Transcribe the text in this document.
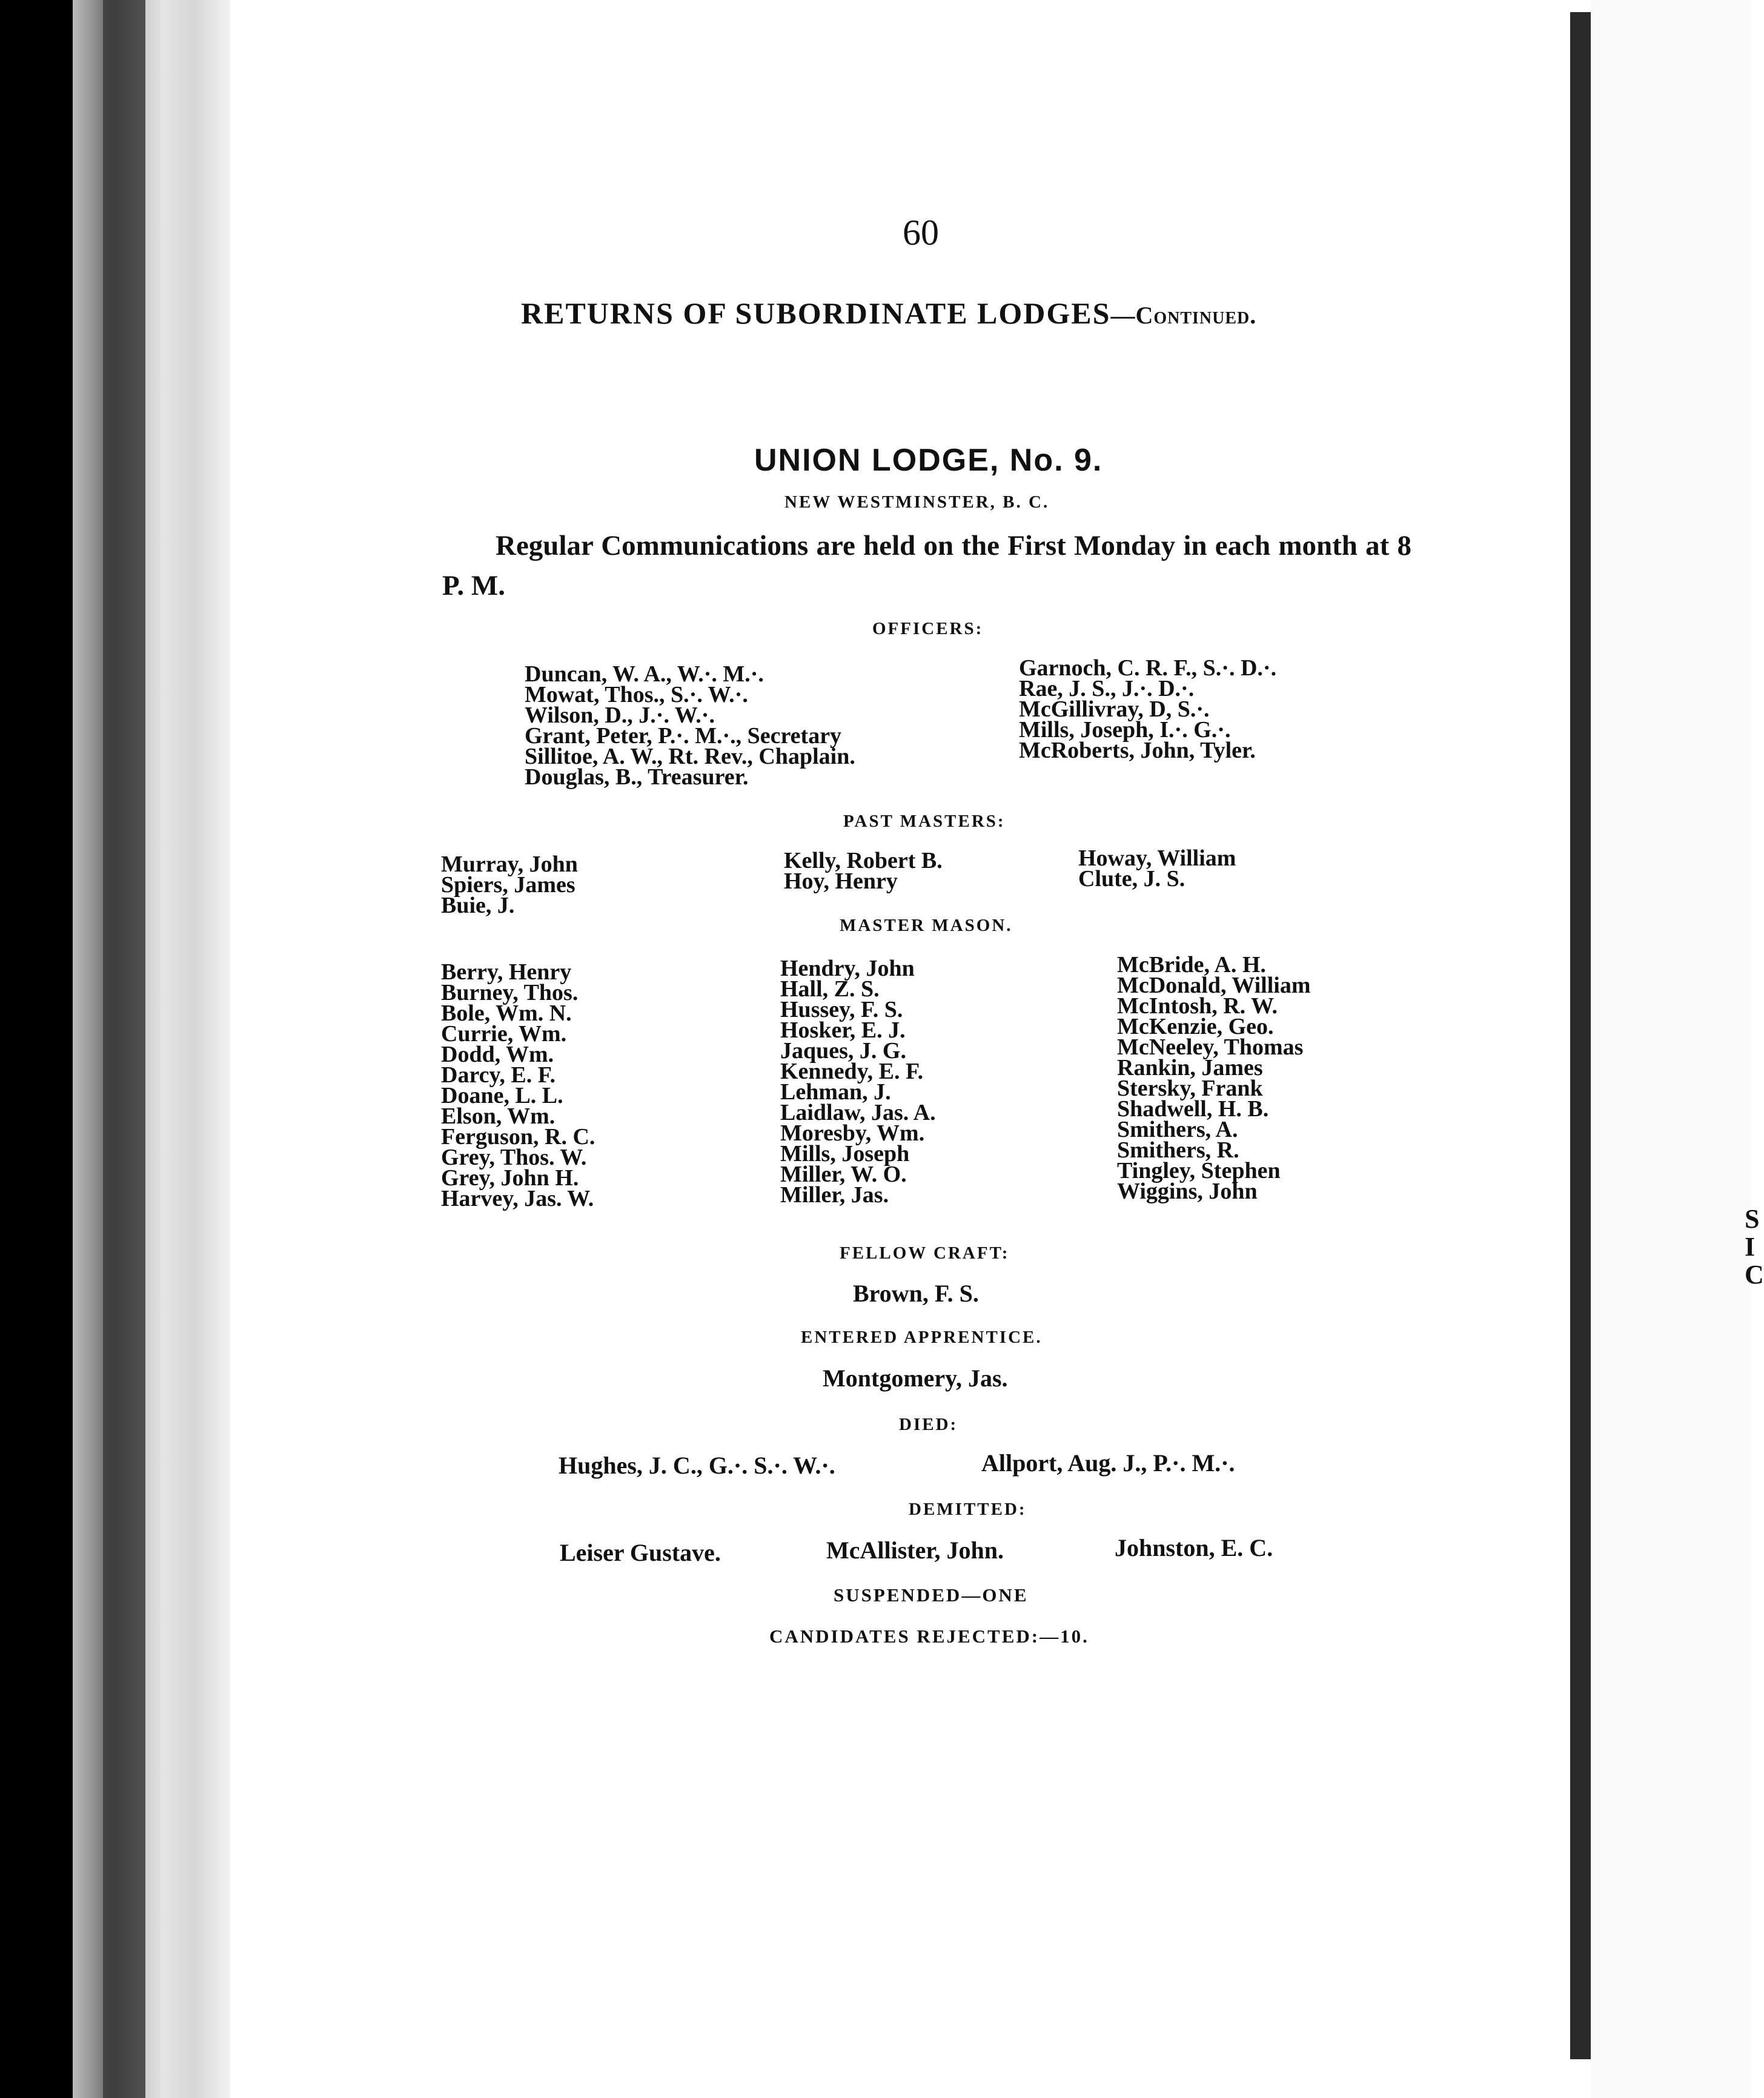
S
I
C
60
RETURNS OF SUBORDINATE LODGES—Continued.
UNION LODGE, No. 9.
NEW WESTMINSTER, B. C.
Regular Communications are held on the First Monday in each month at 8 P. M.
OFFICERS:
Duncan, W. A., W.·. M.·.
Mowat, Thos., S.·. W.·.
Wilson, D., J.·. W.·.
Grant, Peter, P.·. M.·., Secretary
Sillitoe, A. W., Rt. Rev., Chaplain.
Douglas, B., Treasurer.
Garnoch, C. R. F., S.·. D.·.
Rae, J. S., J.·. D.·.
McGillivray, D, S.·.
Mills, Joseph, I.·. G.·.
McRoberts, John, Tyler.
PAST MASTERS:
Murray, John
Spiers, James
Buie, J.
Kelly, Robert B.
Hoy, Henry
Howay, William
Clute, J. S.
MASTER MASON.
Berry, Henry
Burney, Thos.
Bole, Wm. N.
Currie, Wm.
Dodd, Wm.
Darcy, E. F.
Doane, L. L.
Elson, Wm.
Ferguson, R. C.
Grey, Thos. W.
Grey, John H.
Harvey, Jas. W.
Hendry, John
Hall, Z. S.
Hussey, F. S.
Hosker, E. J.
Jaques, J. G.
Kennedy, E. F.
Lehman, J.
Laidlaw, Jas. A.
Moresby, Wm.
Mills, Joseph
Miller, W. O.
Miller, Jas.
McBride, A. H.
McDonald, William
McIntosh, R. W.
McKenzie, Geo.
McNeeley, Thomas
Rankin, James
Stersky, Frank
Shadwell, H. B.
Smithers, A.
Smithers, R.
Tingley, Stephen
Wiggins, John
FELLOW CRAFT:
Brown, F. S.
ENTERED APPRENTICE.
Montgomery, Jas.
DIED:
Hughes, J. C., G.·. S.·. W.·.	Allport, Aug. J., P.·. M.·.
DEMITTED:
Leiser Gustave.	McAllister, John.	Johnston, E. C.
SUSPENDED—ONE
CANDIDATES REJECTED:—10.
